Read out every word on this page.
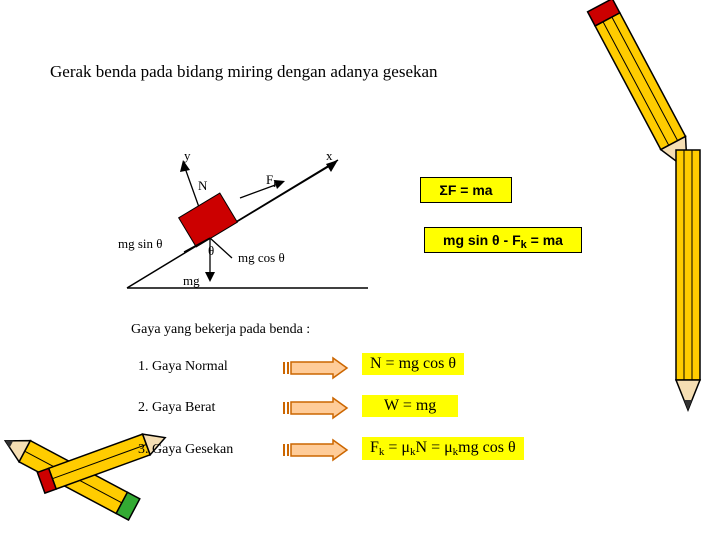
Gerak benda pada bidang miring dengan adanya gesekan
y	x
N	$F_k$
mg sin θ	θ mg cos θ
mg
ΣF = ma
mg sin θ - $F_k$ = ma
Gaya yang bekerja pada benda :
1. Gaya Normal	N = mg cos θ
2. Gaya Berat	W = mg
3. Gaya Gesekan	$F_k = \mu_kN = \mu_kmg$ cos θ
